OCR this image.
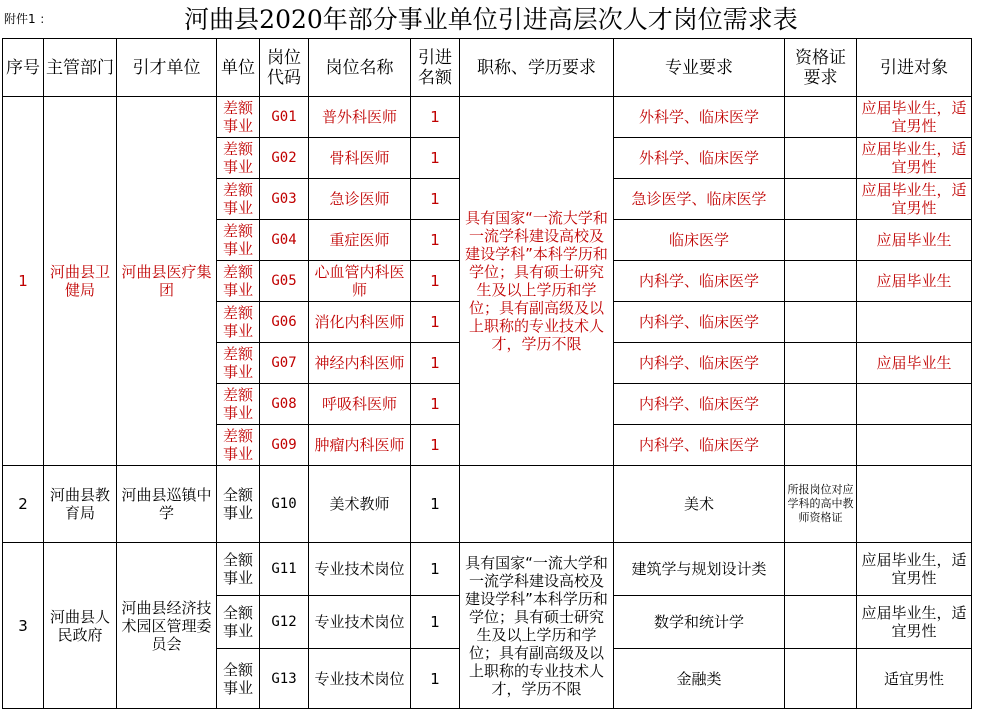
附件1 ：	河曲县2020年部分事业单位引进高层次人才岗位需求表
序号	主管部门	引才单位	单位	岗位代码	岗位名称	引进名额	职称、学历要求	专业要求	资格证要求	引进对象
1	河曲县卫健局	河曲县医疗集团	差额事业	G01	普外科医师	1	具有国家“一流大学和一流学科建设高校及建设学科”本科学历和学位；具有硕士研究生及以上学历和学位；具有副高级及以上职称的专业技术人才，学历不限	外科学、临床医学		应届毕业生，适宜男性
			差额事业	G02	骨科医师	1		外科学、临床医学		应届毕业生，适宜男性
			差额事业	G03	急诊医师	1		急诊医学、临床医学		应届毕业生，适宜男性
			差额事业	G04	重症医师	1		临床医学		应届毕业生
			差额事业	G05	心血管内科医师	1		内科学、临床医学		应届毕业生
			差额事业	G06	消化内科医师	1		内科学、临床医学		
			差额事业	G07	神经内科医师	1		内科学、临床医学		应届毕业生
			差额事业	G08	呼吸科医师	1		内科学、临床医学		
			差额事业	G09	肿瘤内科医师	1		内科学、临床医学		
2	河曲县教育局	河曲县巡镇中学	全额事业	G10	美术教师	1		美术	所报岗位对应学科的高中教师资格证	
3	河曲县人民政府	河曲县经济技术园区管理委员会	全额事业	G11	专业技术岗位	1	具有国家“一流大学和一流学科建设高校及建设学科”本科学历和学位；具有硕士研究生及以上学历和学位；具有副高级及以上职称的专业技术人才，学历不限	建筑学与规划设计类		应届毕业生，适宜男性
			全额事业	G12	专业技术岗位	1		数学和统计学		应届毕业生，适宜男性
			全额事业	G13	专业技术岗位	1		金融类		适宜男性
